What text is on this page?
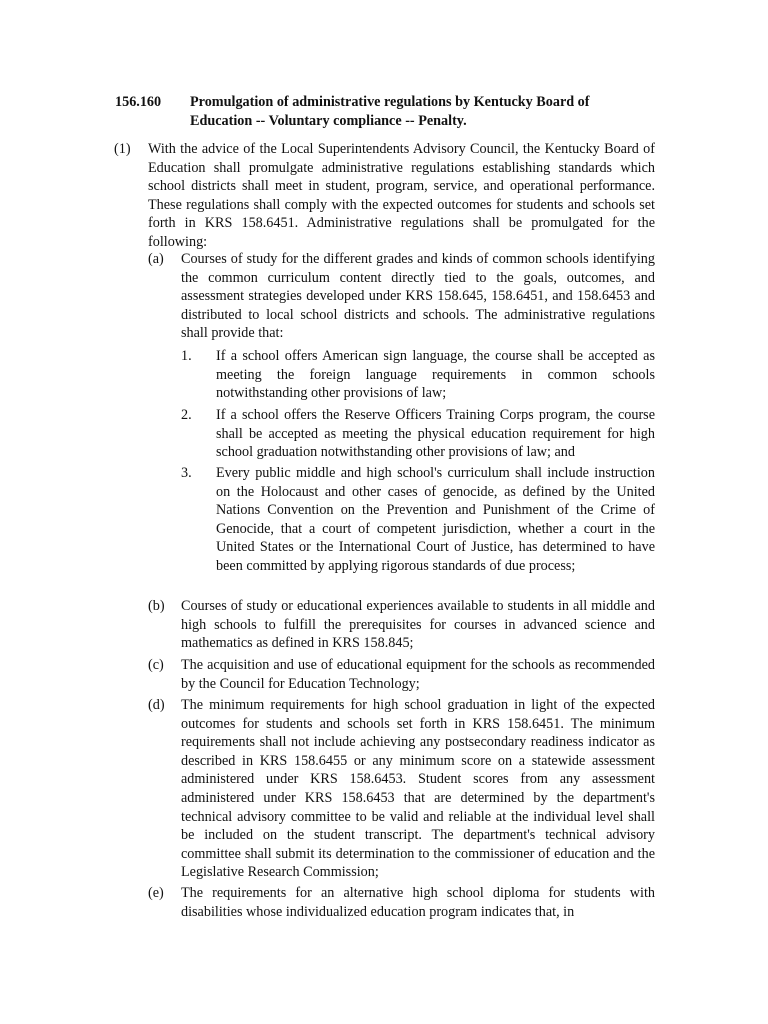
156.160	Promulgation of administrative regulations by Kentucky Board of Education -- Voluntary compliance -- Penalty.
(1) With the advice of the Local Superintendents Advisory Council, the Kentucky Board of Education shall promulgate administrative regulations establishing standards which school districts shall meet in student, program, service, and operational performance. These regulations shall comply with the expected outcomes for students and schools set forth in KRS 158.6451. Administrative regulations shall be promulgated for the following:
(a) Courses of study for the different grades and kinds of common schools identifying the common curriculum content directly tied to the goals, outcomes, and assessment strategies developed under KRS 158.645, 158.6451, and 158.6453 and distributed to local school districts and schools. The administrative regulations shall provide that:
1. If a school offers American sign language, the course shall be accepted as meeting the foreign language requirements in common schools notwithstanding other provisions of law;
2. If a school offers the Reserve Officers Training Corps program, the course shall be accepted as meeting the physical education requirement for high school graduation notwithstanding other provisions of law; and
3. Every public middle and high school's curriculum shall include instruction on the Holocaust and other cases of genocide, as defined by the United Nations Convention on the Prevention and Punishment of the Crime of Genocide, that a court of competent jurisdiction, whether a court in the United States or the International Court of Justice, has determined to have been committed by applying rigorous standards of due process;
(b) Courses of study or educational experiences available to students in all middle and high schools to fulfill the prerequisites for courses in advanced science and mathematics as defined in KRS 158.845;
(c) The acquisition and use of educational equipment for the schools as recommended by the Council for Education Technology;
(d) The minimum requirements for high school graduation in light of the expected outcomes for students and schools set forth in KRS 158.6451. The minimum requirements shall not include achieving any postsecondary readiness indicator as described in KRS 158.6455 or any minimum score on a statewide assessment administered under KRS 158.6453. Student scores from any assessment administered under KRS 158.6453 that are determined by the department's technical advisory committee to be valid and reliable at the individual level shall be included on the student transcript. The department's technical advisory committee shall submit its determination to the commissioner of education and the Legislative Research Commission;
(e) The requirements for an alternative high school diploma for students with disabilities whose individualized education program indicates that, in
